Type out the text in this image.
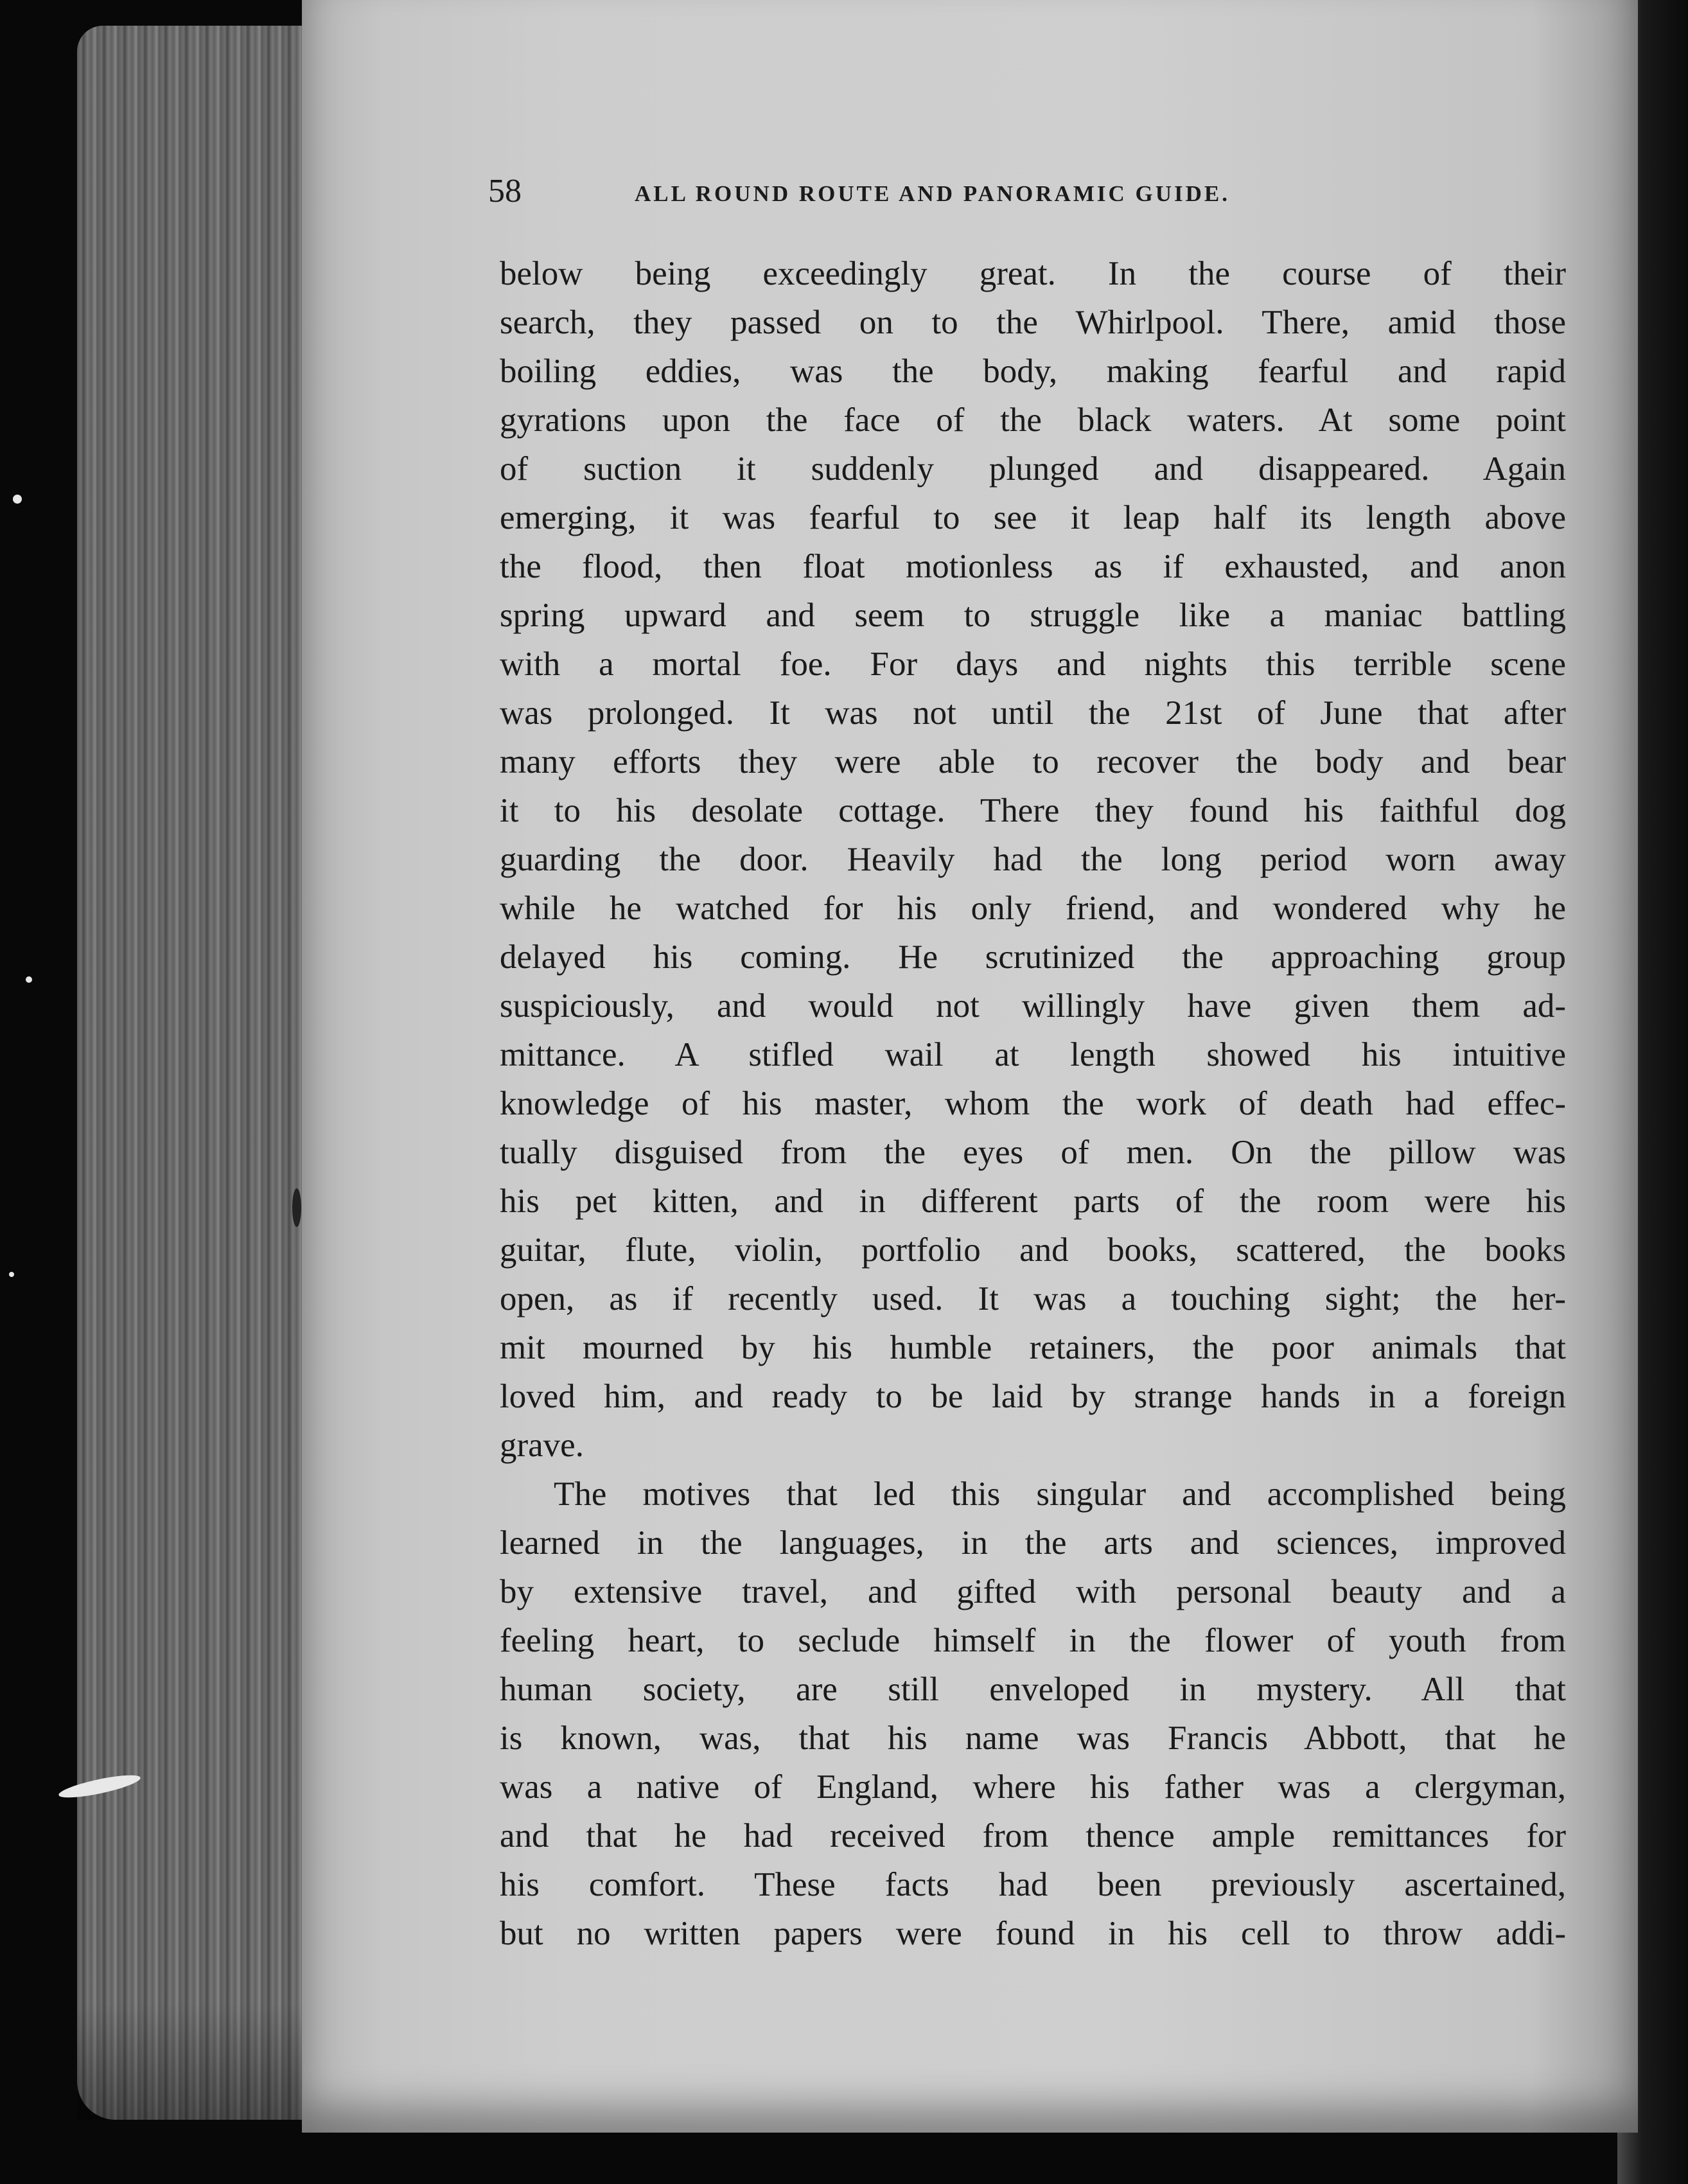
58	ALL ROUND ROUTE AND PANORAMIC GUIDE.
below being exceedingly great. In the course of their
search, they passed on to the Whirlpool. There, amid those
boiling eddies, was the body, making fearful and rapid
gyrations upon the face of the black waters. At some point
of suction it suddenly plunged and disappeared. Again
emerging, it was fearful to see it leap half its length above
the flood, then float motionless as if exhausted, and anon
spring upward and seem to struggle like a maniac battling
with a mortal foe. For days and nights this terrible scene
was prolonged. It was not until the 21st of June that after
many efforts they were able to recover the body and bear
it to his desolate cottage. There they found his faithful dog
guarding the door. Heavily had the long period worn away
while he watched for his only friend, and wondered why he
delayed his coming. He scrutinized the approaching group
suspiciously, and would not willingly have given them ad-
mittance. A stifled wail at length showed his intuitive
knowledge of his master, whom the work of death had effec-
tually disguised from the eyes of men. On the pillow was
his pet kitten, and in different parts of the room were his
guitar, flute, violin, portfolio and books, scattered, the books
open, as if recently used. It was a touching sight; the her-
mit mourned by his humble retainers, the poor animals that
loved him, and ready to be laid by strange hands in a foreign
grave.
The motives that led this singular and accomplished being
learned in the languages, in the arts and sciences, improved
by extensive travel, and gifted with personal beauty and a
feeling heart, to seclude himself in the flower of youth from
human society, are still enveloped in mystery. All that
is known, was, that his name was Francis Abbott, that he
was a native of England, where his father was a clergyman,
and that he had received from thence ample remittances for
his comfort. These facts had been previously ascertained,
but no written papers were found in his cell to throw addi-
